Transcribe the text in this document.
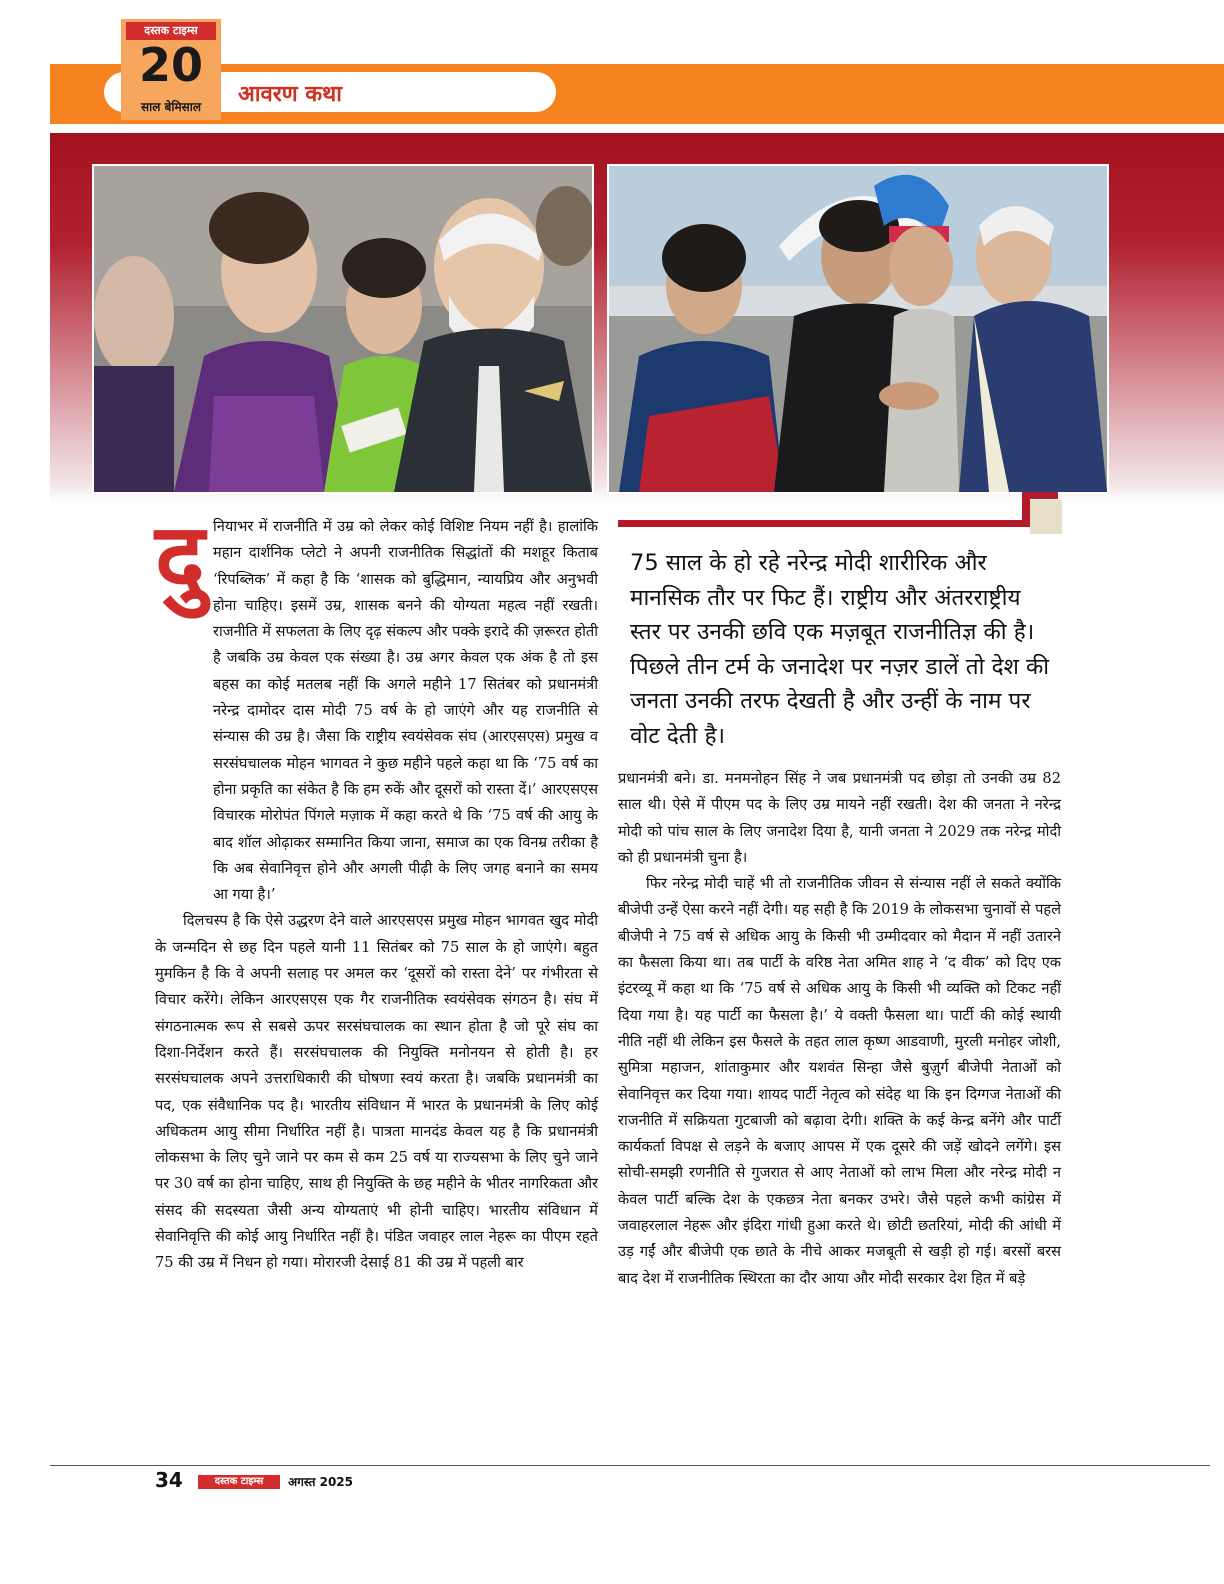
आवरण कथा
दस्तक टाइम्स
20
साल बेमिसाल
75 साल के हो रहे नरेन्द्र मोदी शारीरिक और मानसिक तौर पर फिट हैं। राष्ट्रीय और अंतरराष्ट्रीय स्तर पर उनकी छवि एक मज़बूत राजनीतिज्ञ की है। पिछले तीन टर्म के जनादेश पर नज़र डालें तो देश की जनता उनकी तरफ देखती है और उन्हीं के नाम पर वोट देती है।
दु नियाभर में राजनीति में उम्र को लेकर कोई विशिष्ट नियम नहीं है। हालांकि महान दार्शनिक प्लेटो ने अपनी राजनीतिक सिद्धांतों की मशहूर किताब ‘रिपब्लिक’ में कहा है कि ‘शासक को बुद्धिमान, न्यायप्रिय और अनुभवी होना चाहिए। इसमें उम्र, शासक बनने की योग्यता महत्व नहीं रखती। राजनीति में सफलता के लिए दृढ़ संकल्प और पक्के इरादे की ज़रूरत होती है जबकि उम्र केवल एक संख्या है। उम्र अगर केवल एक अंक है तो इस बहस का कोई मतलब नहीं कि अगले महीने 17 सितंबर को प्रधानमंत्री नरेन्द्र दामोदर दास मोदी 75 वर्ष के हो जाएंगे और यह राजनीति से संन्यास की उम्र है। जैसा कि राष्ट्रीय स्वयंसेवक संघ (आरएसएस) प्रमुख व सरसंघचालक मोहन भागवत ने कुछ महीने पहले कहा था कि ‘75 वर्ष का होना प्रकृति का संकेत है कि हम रुकें और दूसरों को रास्ता दें।’ आरएसएस विचारक मोरोपंत पिंगले मज़ाक में कहा करते थे कि ‘75 वर्ष की आयु के बाद शॉल ओढ़ाकर सम्मानित किया जाना, समाज का एक विनम्र तरीका है कि अब सेवानिवृत्त होने और अगली पीढ़ी के लिए जगह बनाने का समय आ गया है।’

दिलचस्प है कि ऐसे उद्धरण देने वाले आरएसएस प्रमुख मोहन भागवत खुद मोदी के जन्मदिन से छह दिन पहले यानी 11 सितंबर को 75 साल के हो जाएंगे। बहुत मुमकिन है कि वे अपनी सलाह पर अमल कर ‘दूसरों को रास्ता देने’ पर गंभीरता से विचार करेंगे। लेकिन आरएसएस एक गैर राजनीतिक स्वयंसेवक संगठन है। संघ में संगठनात्मक रूप से सबसे ऊपर सरसंघचालक का स्थान होता है जो पूरे संघ का दिशा-निर्देशन करते हैं। सरसंघचालक की नियुक्ति मनोनयन से होती है। हर सरसंघचालक अपने उत्तराधिकारी की घोषणा स्वयं करता है। जबकि प्रधानमंत्री का पद, एक संवैधानिक पद है। भारतीय संविधान में भारत के प्रधानमंत्री के लिए कोई अधिकतम आयु सीमा निर्धारित नहीं है। पात्रता मानदंड केवल यह है कि प्रधानमंत्री लोकसभा के लिए चुने जाने पर कम से कम 25 वर्ष या राज्यसभा के लिए चुने जाने पर 30 वर्ष का होना चाहिए, साथ ही नियुक्ति के छह महीने के भीतर नागरिकता और संसद की सदस्यता जैसी अन्य योग्यताएं भी होनी चाहिए। भारतीय संविधान में सेवानिवृत्ति की कोई आयु निर्धारित नहीं है। पंडित जवाहर लाल नेहरू का पीएम रहते 75 की उम्र में निधन हो गया। मोरारजी देसाई 81 की उम्र में पहली बार

प्रधानमंत्री बने। डा. मनमनोहन सिंह ने जब प्रधानमंत्री पद छोड़ा तो उनकी उम्र 82 साल थी। ऐसे में पीएम पद के लिए उम्र मायने नहीं रखती। देश की जनता ने नरेन्द्र मोदी को पांच साल के लिए जनादेश दिया है, यानी जनता ने 2029 तक नरेन्द्र मोदी को ही प्रधानमंत्री चुना है।

फिर नरेन्द्र मोदी चाहें भी तो राजनीतिक जीवन से संन्यास नहीं ले सकते क्योंकि बीजेपी उन्हें ऐसा करने नहीं देगी। यह सही है कि 2019 के लोकसभा चुनावों से पहले बीजेपी ने 75 वर्ष से अधिक आयु के किसी भी उम्मीदवार को मैदान में नहीं उतारने का फैसला किया था। तब पार्टी के वरिष्ठ नेता अमित शाह ने ‘द वीक’ को दिए एक इंटरव्यू में कहा था कि ‘75 वर्ष से अधिक आयु के किसी भी व्यक्ति को टिकट नहीं दिया गया है। यह पार्टी का फैसला है।’ ये वक्ती फैसला था। पार्टी की कोई स्थायी नीति नहीं थी लेकिन इस फैसले के तहत लाल कृष्ण आडवाणी, मुरली मनोहर जोशी, सुमित्रा महाजन, शांताकुमार और यशवंत सिन्हा जैसे बुज़ुर्ग बीजेपी नेताओं को सेवानिवृत्त कर दिया गया। शायद पार्टी नेतृत्व को संदेह था कि इन दिग्गज नेताओं की राजनीति में सक्रियता गुटबाजी को बढ़ावा देगी। शक्ति के कई केन्द्र बनेंगे और पार्टी कार्यकर्ता विपक्ष से लड़ने के बजाए आपस में एक दूसरे की जड़ें खोदने लगेंगे। इस सोची-समझी रणनीति से गुजरात से आए नेताओं को लाभ मिला और नरेन्द्र मोदी न केवल पार्टी बल्कि देश के एकछत्र नेता बनकर उभरे। जैसे पहले कभी कांग्रेस में जवाहरलाल नेहरू और इंदिरा गांधी हुआ करते थे। छोटी छतरियां, मोदी की आंधी में उड़ गईं और बीजेपी एक छाते के नीचे आकर मजबूती से खड़ी हो गई। बरसों बरस बाद देश में राजनीतिक स्थिरता का दौर आया और मोदी सरकार देश हित में बड़े

34	दस्तक टाइम्स	अगस्त 2025
